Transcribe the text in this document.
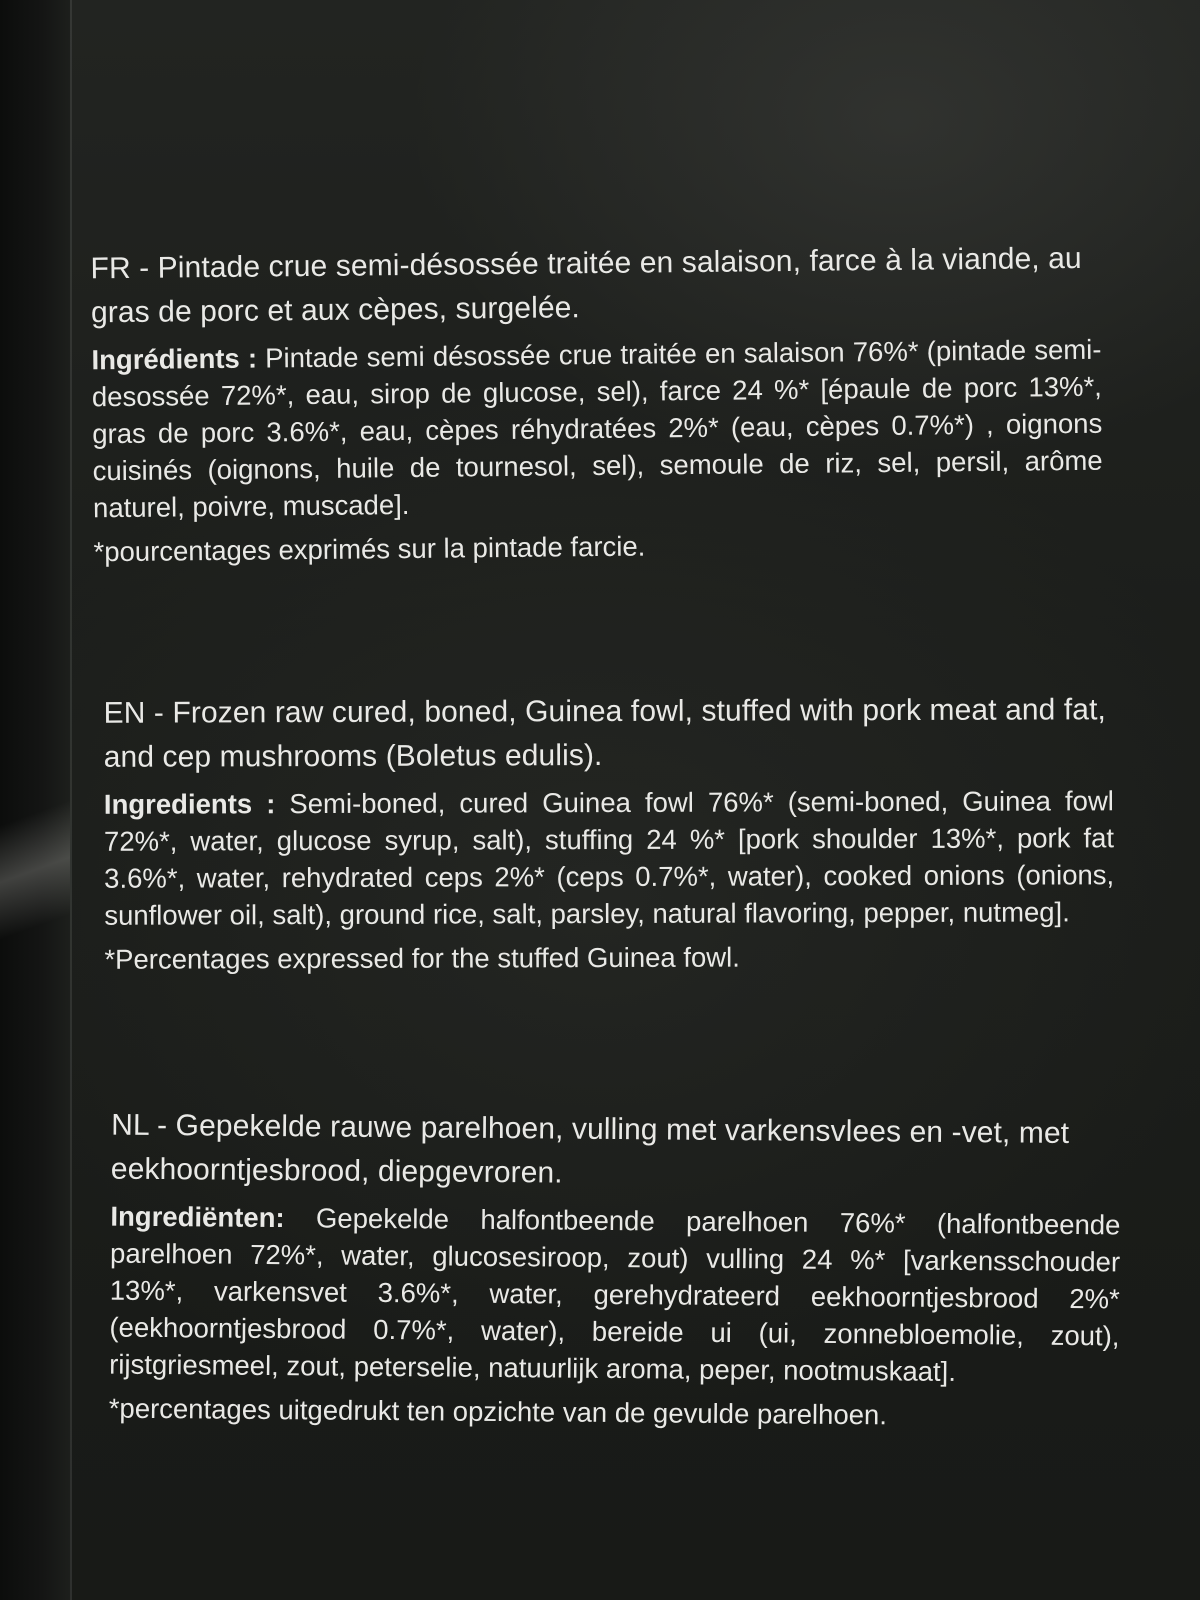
FR - Pintade crue semi-désossée traitée en salaison, farce à la viande, au gras de porc et aux cèpes, surgelée.

Ingrédients : Pintade semi désossée crue traitée en salaison 76%* (pintade semi-desossée 72%*, eau, sirop de glucose, sel), farce 24 %* [épaule de porc 13%*, gras de porc 3.6%*, eau, cèpes réhydratées 2%* (eau, cèpes 0.7%*) , oignons cuisinés (oignons, huile de tournesol, sel), semoule de riz, sel, persil, arôme naturel, poivre, muscade].

*pourcentages exprimés sur la pintade farcie.

EN - Frozen raw cured, boned, Guinea fowl, stuffed with pork meat and fat, and cep mushrooms (Boletus edulis).

Ingredients : Semi-boned, cured Guinea fowl 76%* (semi-boned, Guinea fowl 72%*, water, glucose syrup, salt), stuffing 24 %* [pork shoulder 13%*, pork fat 3.6%*, water, rehydrated ceps 2%* (ceps 0.7%*, water), cooked onions (onions, sunflower oil, salt), ground rice, salt, parsley, natural flavoring, pepper, nutmeg].

*Percentages expressed for the stuffed Guinea fowl.

NL - Gepekelde rauwe parelhoen, vulling met varkensvlees en -vet, met eekhoorntjesbrood, diepgevroren.

Ingrediënten: Gepekelde halfontbeende parelhoen 76%* (halfontbeende parelhoen 72%*, water, glucosesiroop, zout) vulling 24 %* [varkensschouder 13%*, varkensvet 3.6%*, water, gerehydrateerd eekhoorntjesbrood 2%* (eekhoorntjesbrood 0.7%*, water), bereide ui (ui, zonnebloemolie, zout), rijstgriesmeel, zout, peterselie, natuurlijk aroma, peper, nootmuskaat].

*percentages uitgedrukt ten opzichte van de gevulde parelhoen.
